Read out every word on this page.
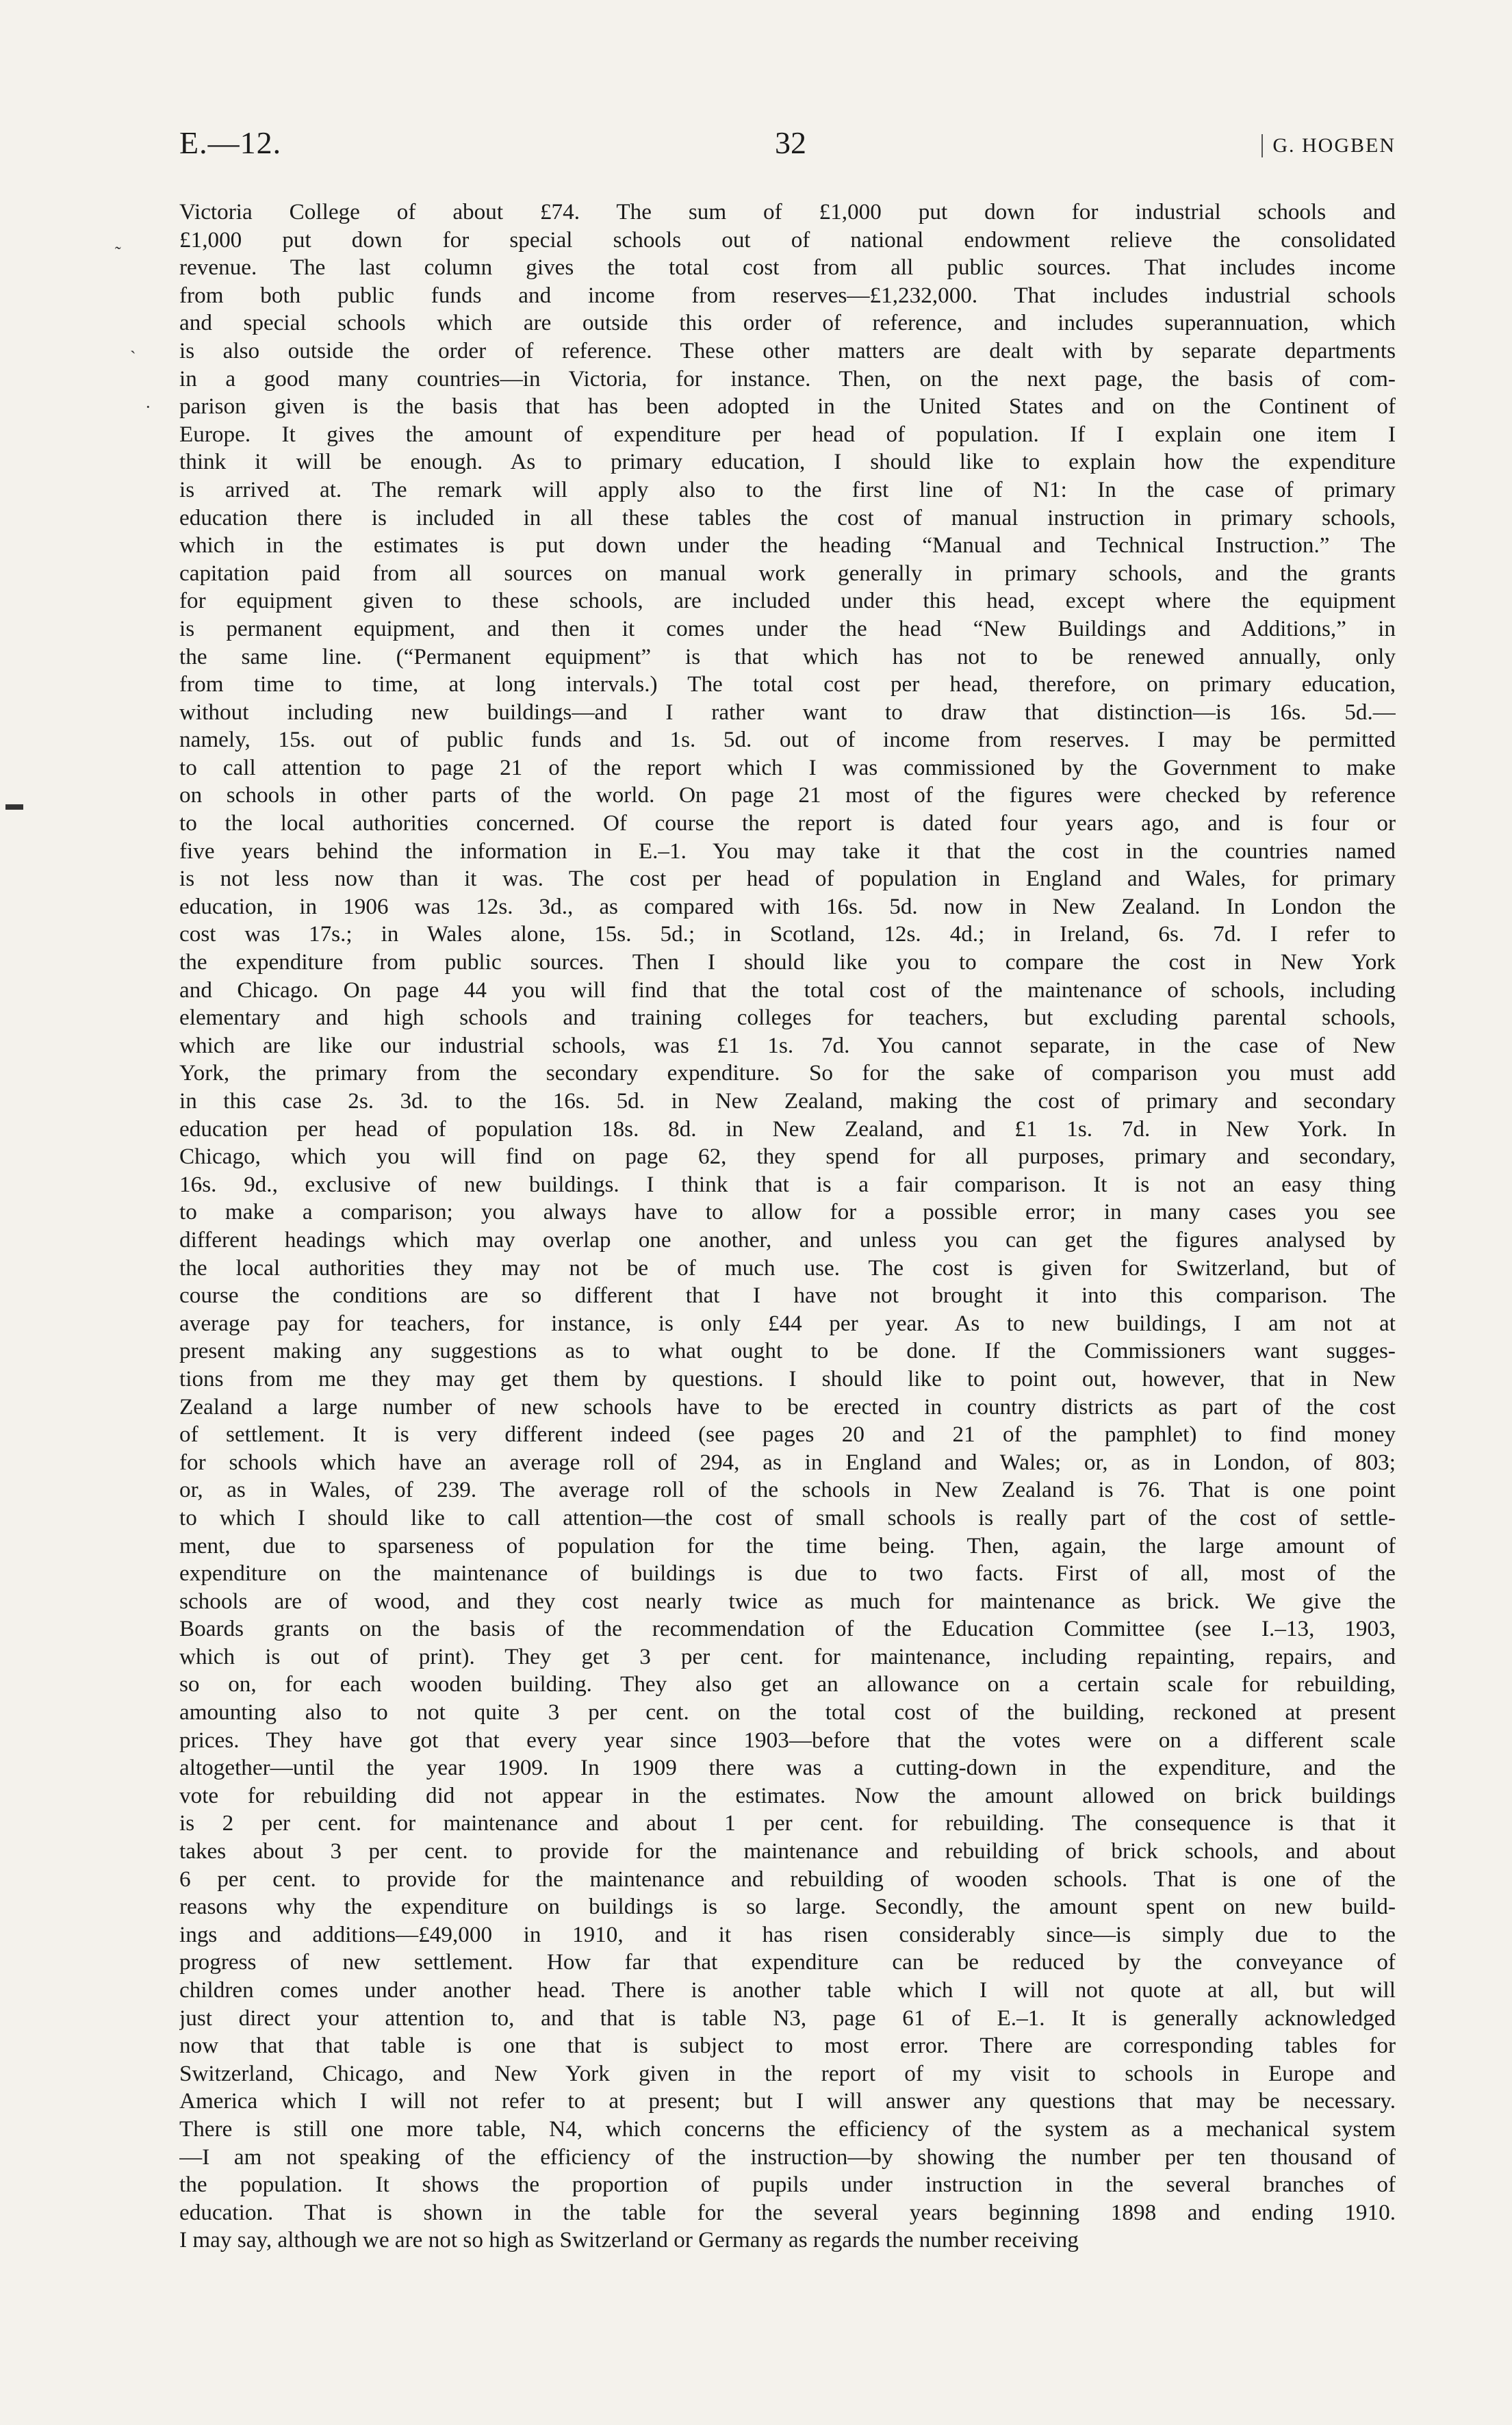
E.—12.	32	G. HOGBEN
˷
˴
·
▬
Victoria College of about £74. The sum of £1,000 put down for industrial schools and
£1,000 put down for special schools out of national endowment relieve the consolidated
revenue. The last column gives the total cost from all public sources. That includes income
from both public funds and income from reserves—£1,232,000. That includes industrial schools
and special schools which are outside this order of reference, and includes superannuation, which
is also outside the order of reference. These other matters are dealt with by separate departments
in a good many countries—in Victoria, for instance. Then, on the next page, the basis of com-
parison given is the basis that has been adopted in the United States and on the Continent of
Europe. It gives the amount of expenditure per head of population. If I explain one item I
think it will be enough. As to primary education, I should like to explain how the expenditure
is arrived at. The remark will apply also to the first line of N1: In the case of primary
education there is included in all these tables the cost of manual instruction in primary schools,
which in the estimates is put down under the heading “Manual and Technical Instruction.” The
capitation paid from all sources on manual work generally in primary schools, and the grants
for equipment given to these schools, are included under this head, except where the equipment
is permanent equipment, and then it comes under the head “New Buildings and Additions,” in
the same line. (“Permanent equipment” is that which has not to be renewed annually, only
from time to time, at long intervals.) The total cost per head, therefore, on primary education,
without including new buildings—and I rather want to draw that distinction—is 16s. 5d.—
namely, 15s. out of public funds and 1s. 5d. out of income from reserves. I may be permitted
to call attention to page 21 of the report which I was commissioned by the Government to make
on schools in other parts of the world. On page 21 most of the figures were checked by reference
to the local authorities concerned. Of course the report is dated four years ago, and is four or
five years behind the information in E.–1. You may take it that the cost in the countries named
is not less now than it was. The cost per head of population in England and Wales, for primary
education, in 1906 was 12s. 3d., as compared with 16s. 5d. now in New Zealand. In London the
cost was 17s.; in Wales alone, 15s. 5d.; in Scotland, 12s. 4d.; in Ireland, 6s. 7d. I refer to
the expenditure from public sources. Then I should like you to compare the cost in New York
and Chicago. On page 44 you will find that the total cost of the maintenance of schools, including
elementary and high schools and training colleges for teachers, but excluding parental schools,
which are like our industrial schools, was £1 1s. 7d. You cannot separate, in the case of New
York, the primary from the secondary expenditure. So for the sake of comparison you must add
in this case 2s. 3d. to the 16s. 5d. in New Zealand, making the cost of primary and secondary
education per head of population 18s. 8d. in New Zealand, and £1 1s. 7d. in New York. In
Chicago, which you will find on page 62, they spend for all purposes, primary and secondary,
16s. 9d., exclusive of new buildings. I think that is a fair comparison. It is not an easy thing
to make a comparison; you always have to allow for a possible error; in many cases you see
different headings which may overlap one another, and unless you can get the figures analysed by
the local authorities they may not be of much use. The cost is given for Switzerland, but of
course the conditions are so different that I have not brought it into this comparison. The
average pay for teachers, for instance, is only £44 per year. As to new buildings, I am not at
present making any suggestions as to what ought to be done. If the Commissioners want sugges-
tions from me they may get them by questions. I should like to point out, however, that in New
Zealand a large number of new schools have to be erected in country districts as part of the cost
of settlement. It is very different indeed (see pages 20 and 21 of the pamphlet) to find money
for schools which have an average roll of 294, as in England and Wales; or, as in London, of 803;
or, as in Wales, of 239. The average roll of the schools in New Zealand is 76. That is one point
to which I should like to call attention—the cost of small schools is really part of the cost of settle-
ment, due to sparseness of population for the time being. Then, again, the large amount of
expenditure on the maintenance of buildings is due to two facts. First of all, most of the
schools are of wood, and they cost nearly twice as much for maintenance as brick. We give the
Boards grants on the basis of the recommendation of the Education Committee (see I.–13, 1903,
which is out of print). They get 3 per cent. for maintenance, including repainting, repairs, and
so on, for each wooden building. They also get an allowance on a certain scale for rebuilding,
amounting also to not quite 3 per cent. on the total cost of the building, reckoned at present
prices. They have got that every year since 1903—before that the votes were on a different scale
altogether—until the year 1909. In 1909 there was a cutting-down in the expenditure, and the
vote for rebuilding did not appear in the estimates. Now the amount allowed on brick buildings
is 2 per cent. for maintenance and about 1 per cent. for rebuilding. The consequence is that it
takes about 3 per cent. to provide for the maintenance and rebuilding of brick schools, and about
6 per cent. to provide for the maintenance and rebuilding of wooden schools. That is one of the
reasons why the expenditure on buildings is so large. Secondly, the amount spent on new build-
ings and additions—£49,000 in 1910, and it has risen considerably since—is simply due to the
progress of new settlement. How far that expenditure can be reduced by the conveyance of
children comes under another head. There is another table which I will not quote at all, but will
just direct your attention to, and that is table N3, page 61 of E.–1. It is generally acknowledged
now that that table is one that is subject to most error. There are corresponding tables for
Switzerland, Chicago, and New York given in the report of my visit to schools in Europe and
America which I will not refer to at present; but I will answer any questions that may be necessary.
There is still one more table, N4, which concerns the efficiency of the system as a mechanical system
—I am not speaking of the efficiency of the instruction—by showing the number per ten thousand of
the population. It shows the proportion of pupils under instruction in the several branches of
education. That is shown in the table for the several years beginning 1898 and ending 1910.
I may say, although we are not so high as Switzerland or Germany as regards the number receiving
